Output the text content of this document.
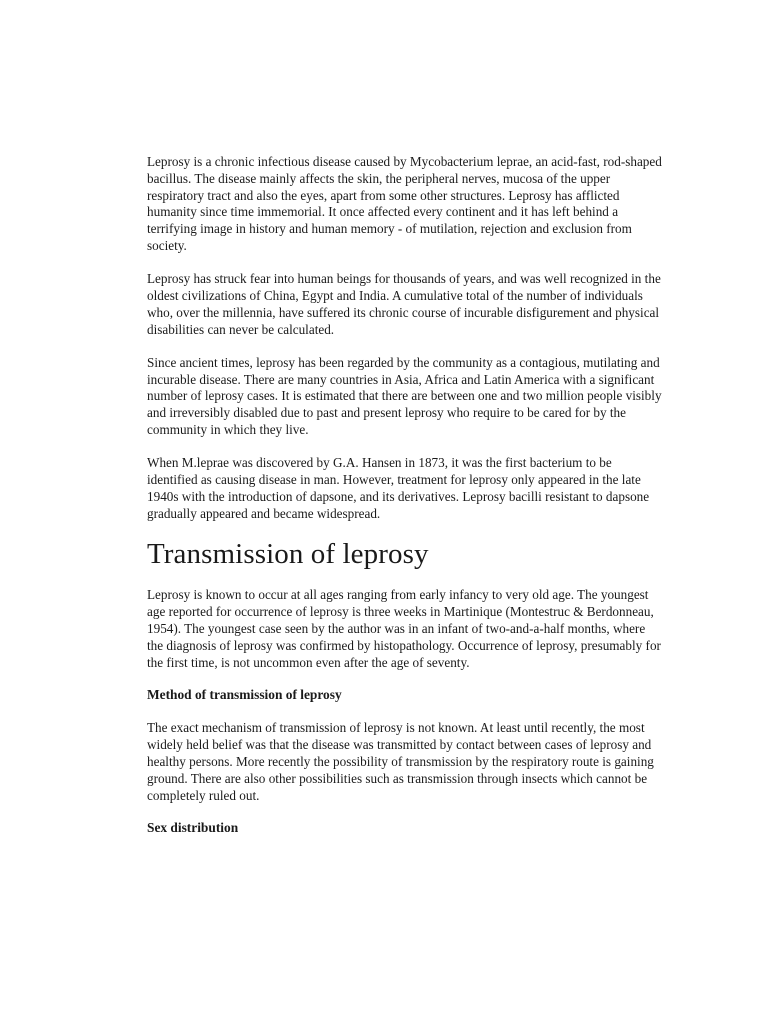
Leprosy is a chronic infectious disease caused by Mycobacterium leprae, an acid-fast, rod-shaped bacillus. The disease mainly affects the skin, the peripheral nerves, mucosa of the upper respiratory tract and also the eyes, apart from some other structures. Leprosy has afflicted humanity since time immemorial. It once affected every continent and it has left behind a terrifying image in history and human memory - of mutilation, rejection and exclusion from society.

Leprosy has struck fear into human beings for thousands of years, and was well recognized in the oldest civilizations of China, Egypt and India. A cumulative total of the number of individuals who, over the millennia, have suffered its chronic course of incurable disfigurement and physical disabilities can never be calculated.

Since ancient times, leprosy has been regarded by the community as a contagious, mutilating and incurable disease. There are many countries in Asia, Africa and Latin America with a significant number of leprosy cases. It is estimated that there are between one and two million people visibly and irreversibly disabled due to past and present leprosy who require to be cared for by the community in which they live.

When M.leprae was discovered by G.A. Hansen in 1873, it was the first bacterium to be identified as causing disease in man. However, treatment for leprosy only appeared in the late 1940s with the introduction of dapsone, and its derivatives. Leprosy bacilli resistant to dapsone gradually appeared and became widespread.

Transmission of leprosy

Leprosy is known to occur at all ages ranging from early infancy to very old age. The youngest age reported for occurrence of leprosy is three weeks in Martinique (Montestruc & Berdonneau, 1954). The youngest case seen by the author was in an infant of two-and-a-half months, where the diagnosis of leprosy was confirmed by histopathology. Occurrence of leprosy, presumably for the first time, is not uncommon even after the age of seventy.

Method of transmission of leprosy

The exact mechanism of transmission of leprosy is not known. At least until recently, the most widely held belief was that the disease was transmitted by contact between cases of leprosy and healthy persons. More recently the possibility of transmission by the respiratory route is gaining ground. There are also other possibilities such as transmission through insects which cannot be completely ruled out.

Sex distribution
